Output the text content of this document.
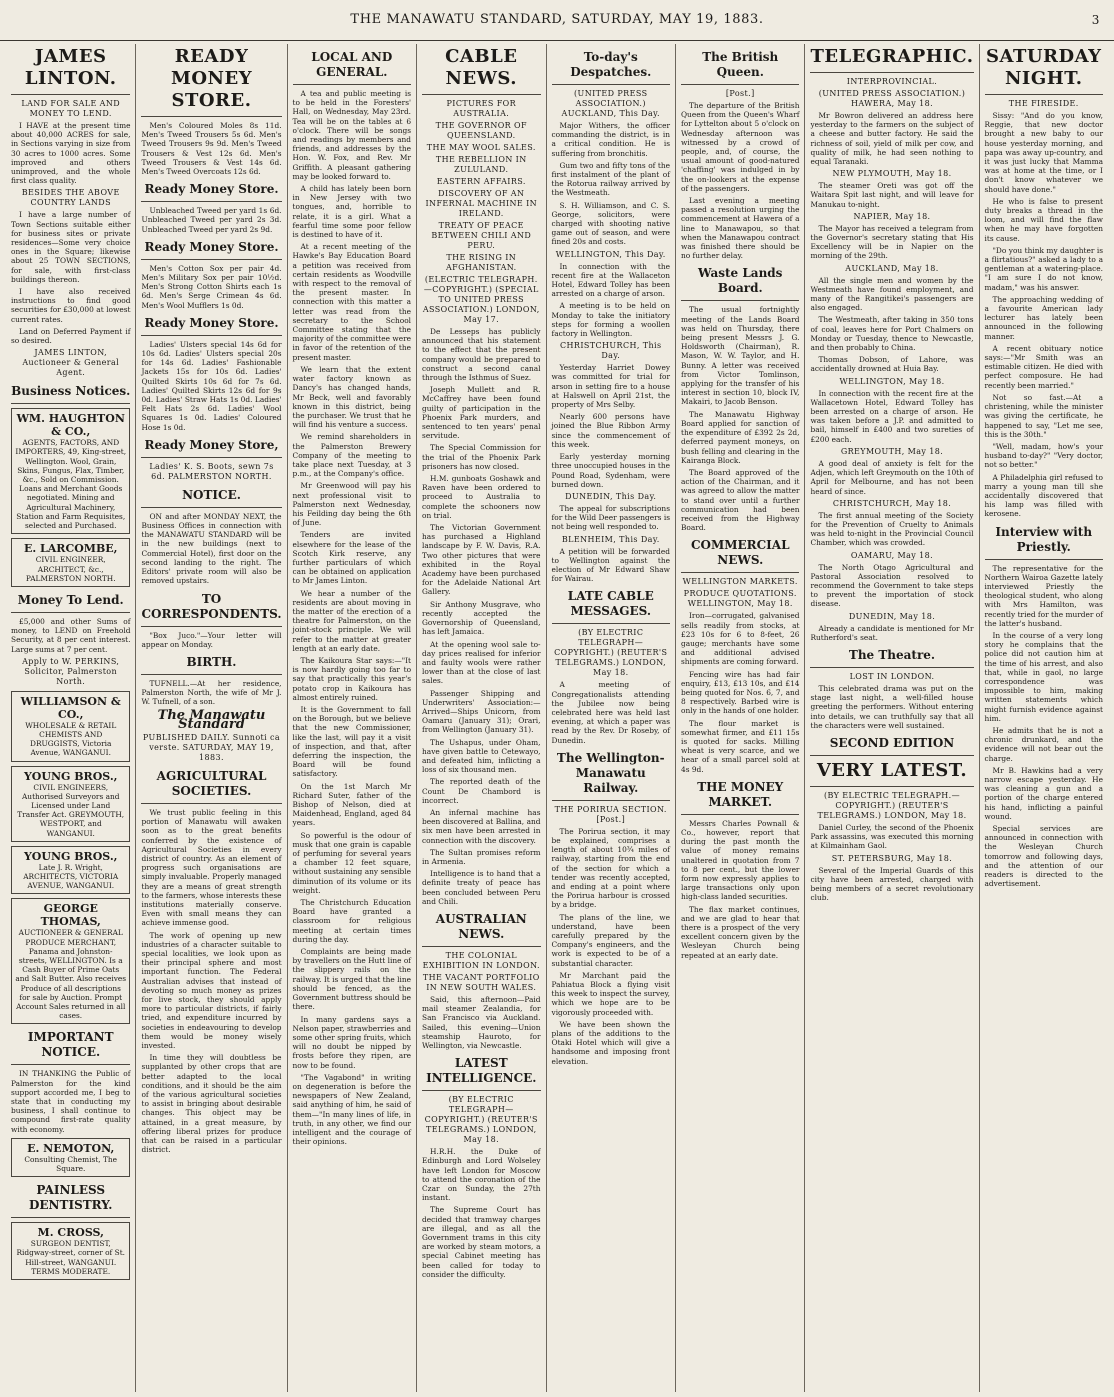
THE MANAWATU STANDARD, SATURDAY, MAY 19, 1883.	3
JAMES LINTON.
LAND FOR SALE AND MONEY TO LEND.

I HAVE at the present time about 40,000 ACRES for sale, in Sections varying in size from 30 acres to 1000 acres. Some improved and others unimproved, and the whole first class quality.

BESIDES THE ABOVE COUNTRY LANDS

I have a large number of Town Sections suitable either for business sites or private residences—Some very choice ones in the Square; likewise about 25 TOWN SECTIONS, for sale, with first-class buildings thereon.

I have also received instructions to find good securities for £30,000 at lowest current rates.

Land on Deferred Payment if so desired.

JAMES LINTON, Auctioneer & General Agent.
Business Notices.
WM. HAUGHTON & CO.,
AGENTS, FACTORS, AND IMPORTERS, 49, King-street, Wellington. Wool, Grain, Skins, Fungus, Flax, Timber, &c., Sold on Commission. Loans and Merchant Goods negotiated. Mining and Agricultural Machinery, Station and Farm Requisites, selected and Purchased.
E. LARCOMBE,
CIVIL ENGINEER, ARCHITECT, &c., PALMERSTON NORTH.
Money To Lend.

£5,000 and other Sums of money, to LEND on Freehold Security, at 8 per cent interest. Large sums at 7 per cent.

Apply to W. PERKINS, Solicitor, Palmerston North.
WILLIAMSON & CO.,
WHOLESALE & RETAIL CHEMISTS AND DRUGGISTS, Victoria Avenue, WANGANUI.
YOUNG BROS.,
CIVIL ENGINEERS, Authorised Surveyors and Licensed under Land Transfer Act. GREYMOUTH, WESTPORT, and WANGANUI.
YOUNG BROS.,
Late J. R. Wright, ARCHITECTS, VICTORIA AVENUE, WANGANUI.
GEORGE THOMAS,
AUCTIONEER & GENERAL PRODUCE MERCHANT, Panama and Johnston-streets, WELLINGTON. Is a Cash Buyer of Prime Oats and Salt Butter. Also receives Produce of all descriptions for sale by Auction. Prompt Account Sales returned in all cases.
IMPORTANT NOTICE.

IN THANKING the Public of Palmerston for the kind support accorded me, I beg to state that in conducting my business, I shall continue to compound first-rate quality with economy.

E. NEMOTON,
Consulting Chemist, The Square.
PAINLESS DENTISTRY.
M. CROSS,
SURGEON DENTIST, Ridgway-street, corner of St. Hill-street, WANGANUI. TERMS MODERATE.
READY MONEY STORE.

Men's Coloured Moles 8s 11d. Men's Tweed Trousers 5s 6d. Men's Tweed Trousers 9s 9d. Men's Tweed Trousers & Vest 12s 6d. Men's Tweed Trousers & Vest 14s 6d. Men's Tweed Overcoats 12s 6d.

Ready Money Store.

Unbleached Tweed per yard 1s 6d. Unbleached Tweed per yard 2s 3d. Unbleached Tweed per yard 2s 9d.

Ready Money Store.

Men's Cotton Sox per pair 4d. Men's Military Sox per pair 10½d. Men's Strong Cotton Shirts each 1s 6d. Men's Serge Crimean 4s 6d. Men's Wool Mufflers 1s 0d.

Ready Money Store.

Ladies' Ulsters special 14s 6d for 10s 6d. Ladies' Ulsters special 20s for 14s 6d. Ladies' Fashionable Jackets 15s for 10s 6d. Ladies' Quilted Skirts 10s 6d for 7s 6d. Ladies' Quilted Skirts 12s 6d for 9s 0d. Ladies' Straw Hats 1s 0d. Ladies' Felt Hats 2s 6d. Ladies' Wool Squares 1s 0d. Ladies' Coloured Hose 1s 0d.

Ready Money Store,
Ladies' K. S. Boots, sewn 7s 6d. PALMERSTON NORTH.
NOTICE.

ON and after MONDAY NEXT, the Business Offices in connection with the MANAWATU STANDARD will be in the new buildings (next to Commercial Hotel), first door on the second landing to the right. The Editors' private room will also be removed upstairs.

TO CORRESPONDENTS.

"Box Juco."—Your letter will appear on Monday.

BIRTH.

TUFNELL.—At her residence, Palmerston North, the wife of Mr J. W. Tufnell, of a son.

The Manawatu Standard
PUBLISHED DAILY. Sunnoti ca verste. SATURDAY, MAY 19, 1883.
AGRICULTURAL SOCIETIES.

We trust public feeling in this portion of Manawatu will awaken soon as to the great benefits conferred by the existence of Agricultural Societies in every district of country. As an element of progress such organisations are simply invaluable. Properly managed they are a means of great strength to the farmers, whose interests these institutions materially conserve. Even with small means they can achieve immense good.

The work of opening up new industries of a character suitable to special localities, we look upon as their principal sphere and most important function. The Federal Australian advises that instead of devoting so much money as prizes for live stock, they should apply more to particular districts, if fairly tried, and expenditure incurred by societies in endeavouring to develop them would be money wisely invested.

In time they will doubtless be supplanted by other crops that are better adapted to the local conditions, and it should be the aim of the various agricultural societies to assist in bringing about desirable changes. This object may be attained, in a great measure, by offering liberal prizes for produce that can be raised in a particular district.

LOCAL AND GENERAL.

A tea and public meeting is to be held in the Foresters' Hall, on Wednesday, May 23rd. Tea will be on the tables at 6 o'clock. There will be songs and readings by members and friends, and addresses by the Hon. W. Fox, and Rev. Mr Griffith. A pleasant gathering may be looked forward to.

A child has lately been born in New Jersey with two tongues, and, horrible to relate, it is a girl. What a fearful time some poor fellow is destined to have of it.

At a recent meeting of the Hawke's Bay Education Board a petition was received from certain residents as Woodville with respect to the removal of the present master. In connection with this matter a letter was read from the secretary to the School Committee stating that the majority of the committee were in favor of the retention of the present master.

We learn that the extent water factory known as Dancy's has changed hands, Mr Beck, well and favorably known in this district, being the purchaser. We trust that he will find his venture a success.

We remind shareholders in the Palmerston Brewery Company of the meeting to take place next Tuesday, at 3 p.m., at the Company's office.

Mr Greenwood will pay his next professional visit to Palmerston next Wednesday, his Feilding day being the 6th of June.

Tenders are invited elsewhere for the lease of the Scotch Kirk reserve, any further particulars of which can be obtained on application to Mr James Linton.

We hear a number of the residents are about moving in the matter of the erection of a theatre for Palmerston, on the joint-stock principle. We will refer to the matter at greater length at an early date.

The Kaikoura Star says:—"It is now hardly going too far to say that practically this year's potato crop in Kaikoura has almost entirely ruined.

It is the Government to fall on the Borough, but we believe that the new Commissioner, like the last, will pay it a visit of inspection, and that, after deferring the inspection, the Board will be found satisfactory.

On the 1st March Mr Richard Suter, father of the Bishop of Nelson, died at Maidenhead, England, aged 84 years.

So powerful is the odour of musk that one grain is capable of perfuming for several years a chamber 12 feet square, without sustaining any sensible diminution of its volume or its weight.

The Christchurch Education Board have granted a classroom for religious meeting at certain times during the day.

Complaints are being made by travellers on the Hutt line of the slippery rails on the railway. It is urged that the line should be fenced, as the Government buttress should be there.

In many gardens says a Nelson paper, strawberries and some other spring fruits, which will no doubt be nipped by frosts before they ripen, are now to be found.

"The Vagabond" in writing on degeneration is before the newspapers of New Zealand, said anything of him, he said of them—"In many lines of life, in truth, in any other, we find our intelligent and the courage of their opinions.

CABLE NEWS.
PICTURES FOR AUSTRALIA.
THE GOVERNOR OF QUEENSLAND.
THE MAY WOOL SALES.
THE REBELLION IN ZULULAND.
EASTERN AFFAIRS.
DISCOVERY OF AN INFERNAL MACHINE IN IRELAND.
TREATY OF PEACE BETWEEN CHILI AND PERU.
THE RISING IN AFGHANISTAN.
(ELECTRIC TELEGRAPH.—COPYRIGHT.) (SPECIAL TO UNITED PRESS ASSOCIATION.) LONDON, May 17.

De Lesseps has publicly announced that his statement to the effect that the present company would be prepared to construct a second canal through the Isthmus of Suez.

Joseph Mullett and R. McCaffrey have been found guilty of participation in the Phoenix Park murders, and sentenced to ten years' penal servitude.

The Special Commission for the trial of the Phoenix Park prisoners has now closed.

H.M. gunboats Goshawk and Raven have been ordered to proceed to Australia to complete the schooners now on trial.

The Victorian Government has purchased a Highland landscape by F. W. Davis, R.A. Two other pictures that were exhibited in the Royal Academy have been purchased for the Adelaide National Art Gallery.

Sir Anthony Musgrave, who recently accepted the Governorship of Queensland, has left Jamaica.

At the opening wool sale to-day prices realised for inferior and faulty wools were rather lower than at the close of last sales.

Passenger Shipping and Underwriters' Association:—Arrived—Ships Unicorn, from Oamaru (January 31); Orari, from Wellington (January 31).

The Ushapus, under Oham, have given battle to Cetewayo, and defeated him, inflicting a loss of six thousand men.

The reported death of the Count De Chambord is incorrect.

An infernal machine has been discovered at Ballina, and six men have been arrested in connection with the discovery.

The Sultan promises reform in Armenia.

Intelligence is to hand that a definite treaty of peace has been concluded between Peru and Chili.

AUSTRALIAN NEWS.
THE COLONIAL EXHIBITION IN LONDON.
THE VACANT PORTFOLIO IN NEW SOUTH WALES.

Said, this afternoon—Paid mail steamer Zealandia, for San Francisco via Auckland. Sailed, this evening—Union steamship Hauroto, for Wellington, via Newcastle.

LATEST INTELLIGENCE.
(BY ELECTRIC TELEGRAPH—COPYRIGHT.) (REUTER'S TELEGRAMS.) LONDON, May 18.

H.R.H. the Duke of Edinburgh and Lord Wolseley have left London for Moscow to attend the coronation of the Czar on Sunday, the 27th instant.

The Supreme Court has decided that tramway charges are illegal, and as all the Government trams in this city are worked by steam motors, a special Cabinet meeting has been called for today to consider the difficulty.

To-day's Despatches.
(UNITED PRESS ASSOCIATION.) AUCKLAND, This Day.

Major Withers, the officer commanding the district, is in a critical condition. He is suffering from bronchitis.

Gum two and fifty tons of the first instalment of the plant of the Rotorua railway arrived by the Westmeath.

S. H. Williamson, and C. S. George, solicitors, were charged with shooting native game out of season, and were fined 20s and costs.

WELLINGTON, This Day.

In connection with the recent fire at the Wallaceton Hotel, Edward Tolley has been arrested on a charge of arson.

A meeting is to be held on Monday to take the initiatory steps for forming a woollen factory in Wellington.

CHRISTCHURCH, This Day.

Yesterday Harriet Dowey was committed for trial for arson in setting fire to a house at Halswell on April 21st, the property of Mrs Selby.

Nearly 600 persons have joined the Blue Ribbon Army since the commencement of this week.

Early yesterday morning three unoccupied houses in the Pound Road, Sydenham, were burned down.

DUNEDIN, This Day.

The appeal for subscriptions for the Wild Deer passengers is not being well responded to.

BLENHEIM, This Day.

A petition will be forwarded to Wellington against the election of Mr Edward Shaw for Wairau.

LATE CABLE MESSAGES.
(BY ELECTRIC TELEGRAPH—COPYRIGHT.) (REUTER'S TELEGRAMS.) LONDON, May 18.

A meeting of Congregationalists attending the Jubilee now being celebrated here was held last evening, at which a paper was read by the Rev. Dr Roseby, of Dunedin.

The Wellington-Manawatu Railway.
THE PORIRUA SECTION. [Post.]

The Porirua section, it may be explained, comprises a length of about 10¾ miles of railway, starting from the end of the section for which a tender was recently accepted, and ending at a point where the Porirua harbour is crossed by a bridge.

The plans of the line, we understand, have been carefully prepared by the Company's engineers, and the work is expected to be of a substantial character.

Mr Marchant paid the Pahiatua Block a flying visit this week to inspect the survey, which we hope are to be vigorously proceeded with.

We have been shown the plans of the additions to the Otaki Hotel which will give a handsome and imposing front elevation.

The British Queen.
[Post.]

The departure of the British Queen from the Queen's Wharf for Lyttelton about 5 o'clock on Wednesday afternoon was witnessed by a crowd of people, and, of course, the usual amount of good-natured 'chaffing' was indulged in by the on-lookers at the expense of the passengers.

Last evening a meeting passed a resolution urging the commencement at Hawera of a line to Manawapou, so that when the Manawapou contract was finished there should be no further delay.

Waste Lands Board.

The usual fortnightly meeting of the Lands Board was held on Thursday, there being present Messrs J. G. Holdsworth (Chairman), R. Mason, W. W. Taylor, and H. Bunny. A letter was received from Victor Tomlinson, applying for the transfer of his interest in section 10, block IV, Makairi, to Jacob Benson.

The Manawatu Highway Board applied for sanction of the expenditure of £392 2s 2d, deferred payment moneys, on bush felling and clearing in the Kairanga Block.

The Board approved of the action of the Chairman, and it was agreed to allow the matter to stand over until a further communication had been received from the Highway Board.

COMMERCIAL NEWS.
WELLINGTON MARKETS.
PRODUCE QUOTATIONS. WELLINGTON, May 18.

Iron—corrugated, galvanised sells readily from stocks, at £23 10s for 6 to 8-feet, 26 gauge; merchants have some and additional advised shipments are coming forward.

Fencing wire has had fair enquiry, £13, £13 10s, and £14 being quoted for Nos. 6, 7, and 8 respectively. Barbed wire is only in the hands of one holder.

The flour market is somewhat firmer, and £11 15s is quoted for sacks. Milling wheat is very scarce, and we hear of a small parcel sold at 4s 9d.

THE MONEY MARKET.

Messrs Charles Pownall & Co., however, report that during the past month the value of money remains unaltered in quotation from 7 to 8 per cent., but the lower form now expressly applies to large transactions only upon high-class landed securities.

The flax market continues, and we are glad to hear that there is a prospect of the very excellent concern given by the Wesleyan Church being repeated at an early date.

TELEGRAPHIC.
INTERPROVINCIAL.
(UNITED PRESS ASSOCIATION.) HAWERA, May 18.

Mr Bowron delivered an address here yesterday to the farmers on the subject of a cheese and butter factory. He said the richness of soil, yield of milk per cow, and quality of milk, he had seen nothing to equal Taranaki.

NEW PLYMOUTH, May 18.

The steamer Oreti was got off the Waitara Spit last night, and will leave for Manukau to-night.

NAPIER, May 18.

The Mayor has received a telegram from the Governor's secretary stating that His Excellency will be in Napier on the morning of the 29th.

AUCKLAND, May 18.

All the single men and women by the Westmeath have found employment, and many of the Rangitikei's passengers are also engaged.

The Westmeath, after taking in 350 tons of coal, leaves here for Port Chalmers on Monday or Tuesday, thence to Newcastle, and then probably to China.

Thomas Dobson, of Lahore, was accidentally drowned at Huia Bay.

WELLINGTON, May 18.

In connection with the recent fire at the Wallacetown Hotel, Edward Tolley has been arrested on a charge of arson. He was taken before a J.P. and admitted to bail, himself in £400 and two sureties of £200 each.

GREYMOUTH, May 18.

A good deal of anxiety is felt for the Adjen, which left Greymouth on the 10th of April for Melbourne, and has not been heard of since.

CHRISTCHURCH, May 18.

The first annual meeting of the Society for the Prevention of Cruelty to Animals was held to-night in the Provincial Council Chamber, which was crowded.

OAMARU, May 18.

The North Otago Agricultural and Pastoral Association resolved to recommend the Government to take steps to prevent the importation of stock disease.

DUNEDIN, May 18.

Already a candidate is mentioned for Mr Rutherford's seat.

The Theatre.
LOST IN LONDON.

This celebrated drama was put on the stage last night, a well-filled house greeting the performers. Without entering into details, we can truthfully say that all the characters were well sustained.

SECOND EDITION
VERY LATEST.
(BY ELECTRIC TELEGRAPH.—COPYRIGHT.) (REUTER'S TELEGRAMS.) LONDON, May 18.

Daniel Curley, the second of the Phoenix Park assassins, was executed this morning at Kilmainham Gaol.

ST. PETERSBURG, May 18.

Several of the Imperial Guards of this city have been arrested, charged with being members of a secret revolutionary club.

SATURDAY NIGHT.
THE FIRESIDE.

Sissy: "And do you know, Reggie, that new doctor brought a new baby to our house yesterday morning, and papa was away up-country, and it was just lucky that Mamma was at home at the time, or I don't know whatever we should have done."

He who is false to present duty breaks a thread in the loom, and will find the flaw when he may have forgotten its cause.

"Do you think my daughter is a flirtatious?" asked a lady to a gentleman at a watering-place. "I am sure I do not know, madam," was his answer.

The approaching wedding of a favourite American lady lecturer has lately been announced in the following manner.

A recent obituary notice says:—"Mr Smith was an estimable citizen. He died with perfect composure. He had recently been married."

Not so fast.—At a christening, while the minister was giving the certificate, he happened to say, "Let me see, this is the 30th."

"Well, madam, how's your husband to-day?" "Very doctor, not so better."

A Philadelphia girl refused to marry a young man till she accidentally discovered that his lamp was filled with kerosene.

Interview with Priestly.

The representative for the Northern Wairoa Gazette lately interviewed Priestly the theological student, who along with Mrs Hamilton, was recently tried for the murder of the latter's husband.

In the course of a very long story he complains that the police did not caution him at the time of his arrest, and also that, while in gaol, no large correspondence was impossible to him, making written statements which might furnish evidence against him.

He admits that he is not a chronic drunkard, and the evidence will not bear out the charge.

Mr B. Hawkins had a very narrow escape yesterday. He was cleaning a gun and a portion of the charge entered his hand, inflicting a painful wound.

Special services are announced in connection with the Wesleyan Church tomorrow and following days, and the attention of our readers is directed to the advertisement.
